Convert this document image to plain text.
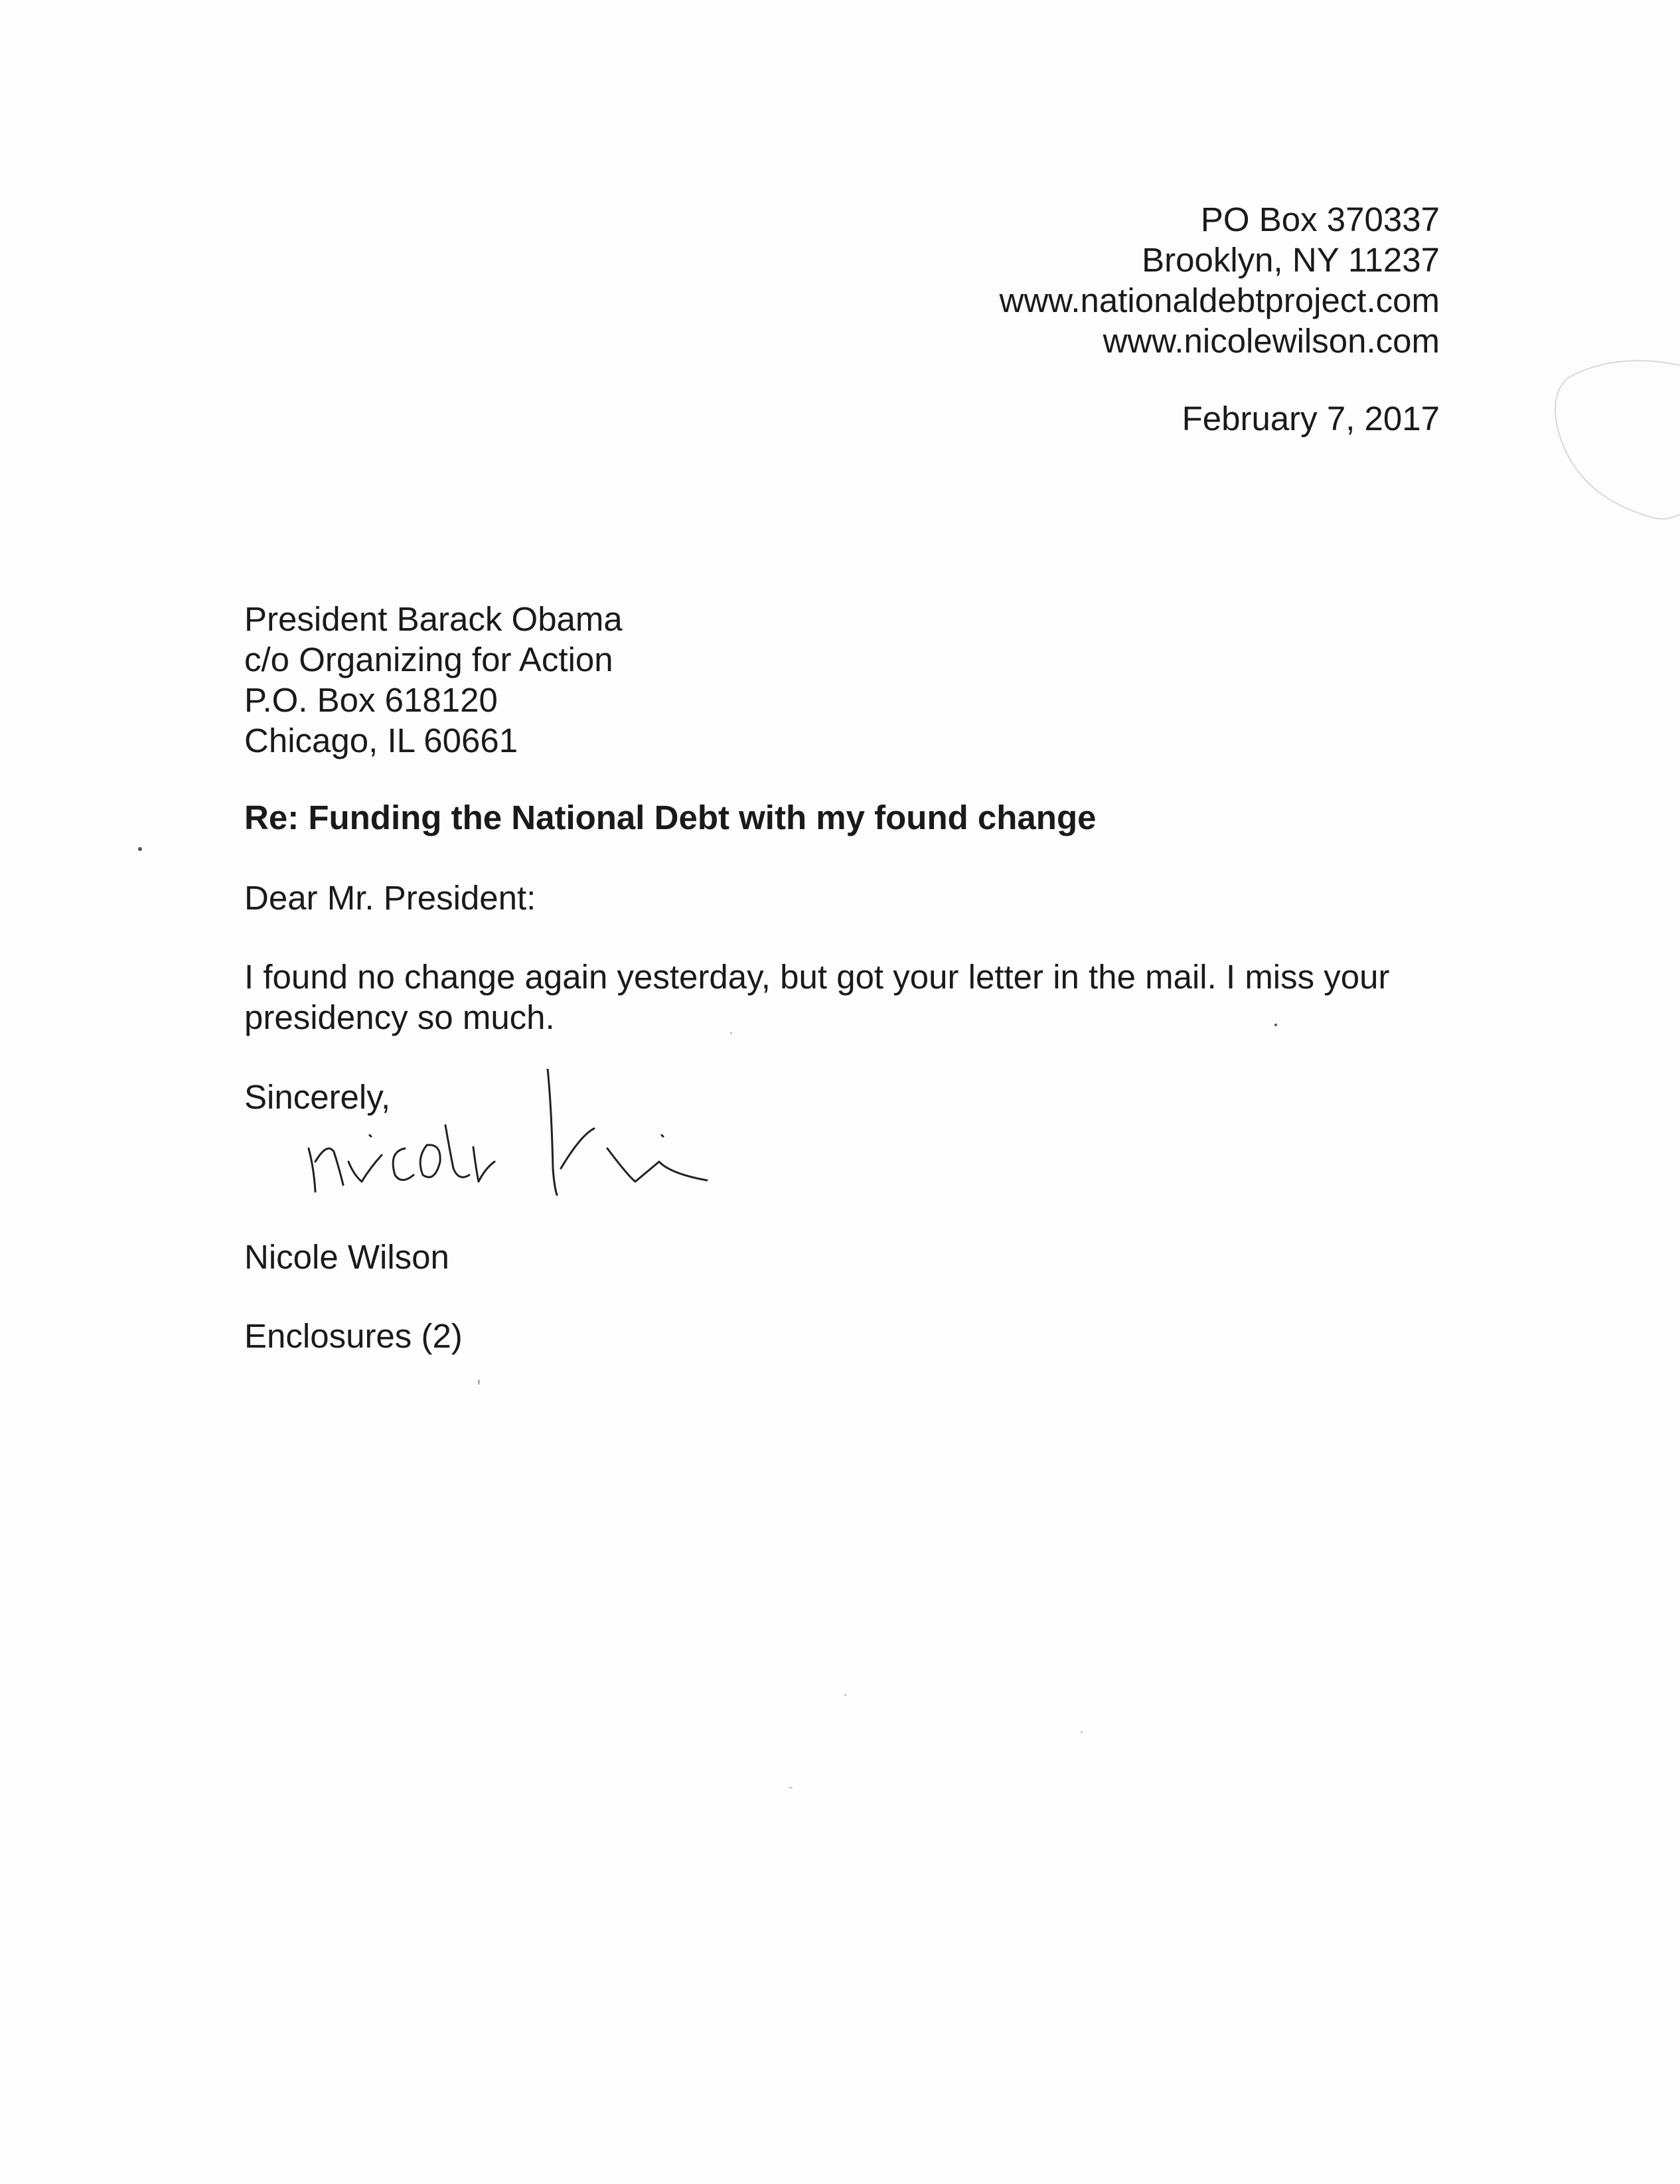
PO Box 370337
Brooklyn, NY 11237
www.nationaldebtproject.com
www.nicolewilson.com
February 7, 2017
President Barack Obama
c/o Organizing for Action
P.O. Box 618120
Chicago, IL 60661
Re: Funding the National Debt with my found change
Dear Mr. President:
I found no change again yesterday, but got your letter in the mail. I miss your presidency so much.
Sincerely,
Nicole Wilson
Enclosures (2)
